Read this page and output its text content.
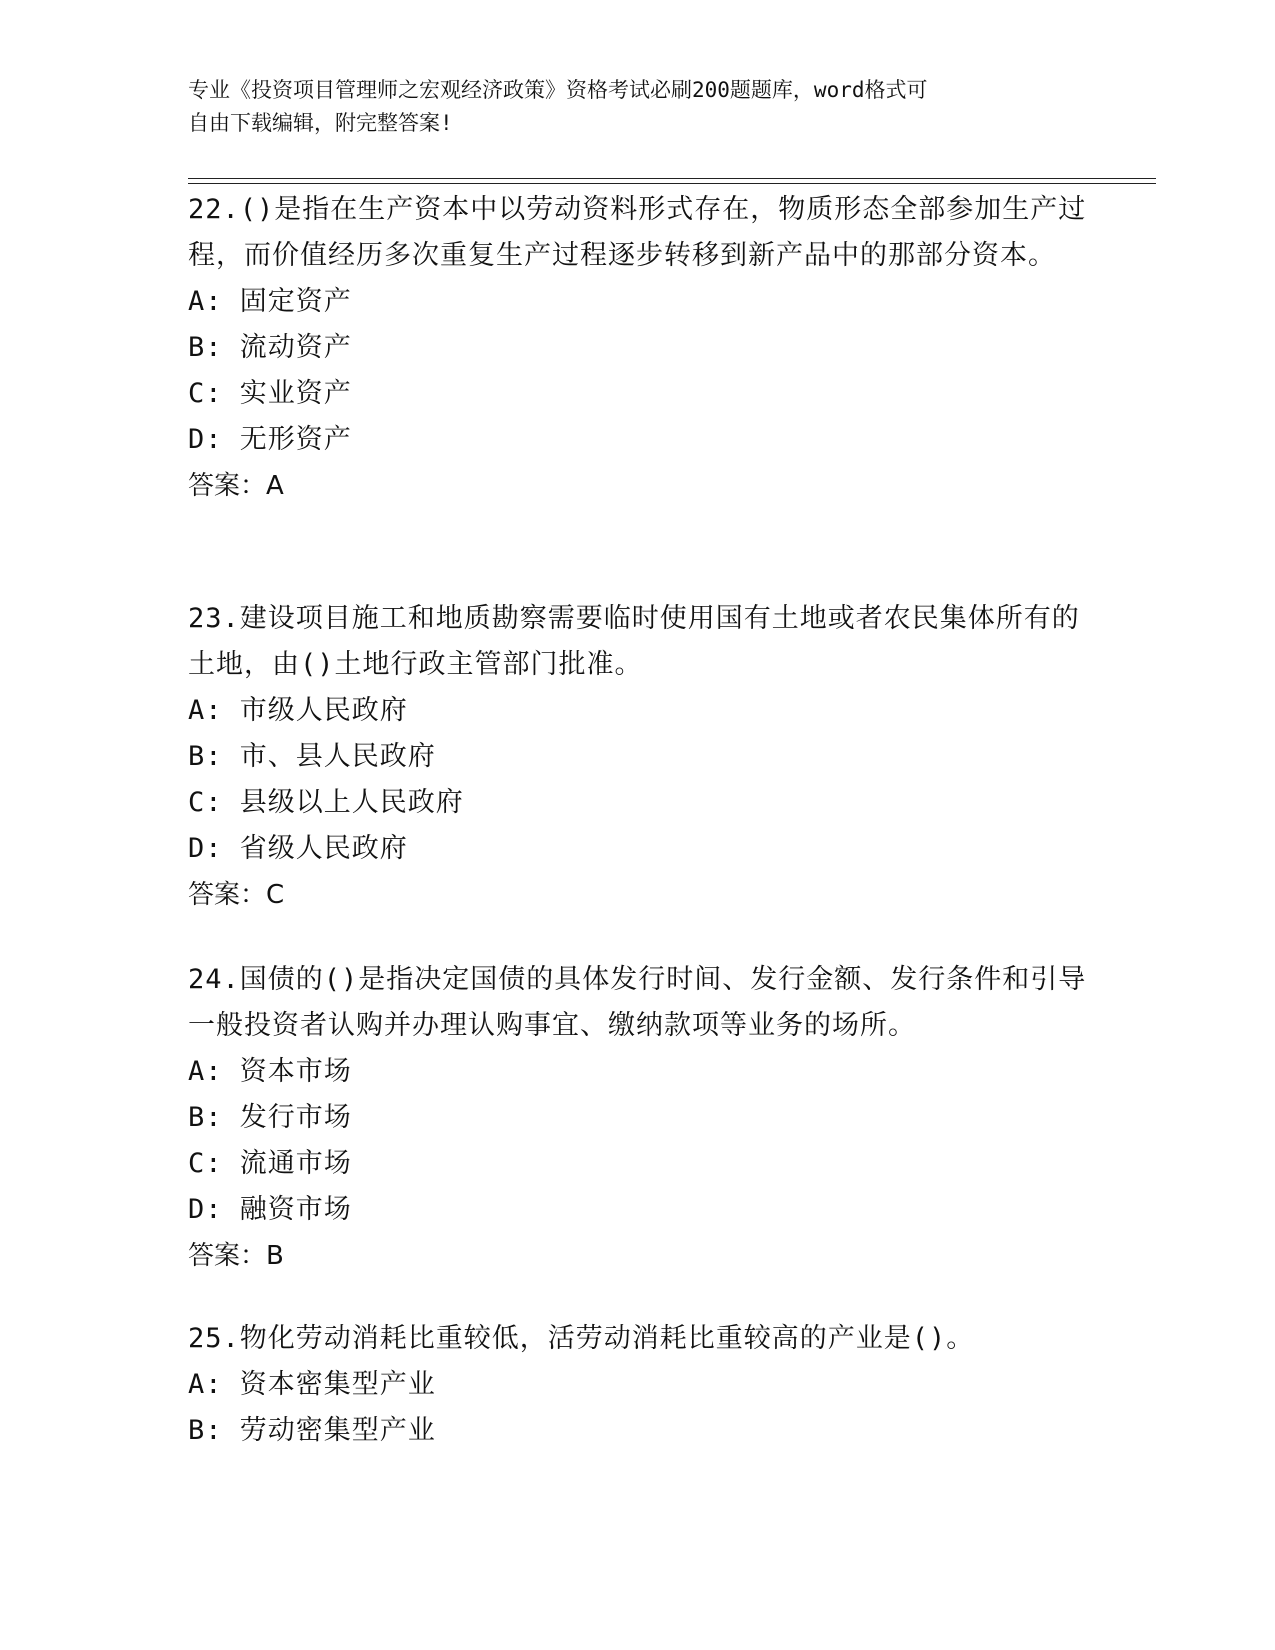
专业《投资项目管理师之宏观经济政策》资格考试必刷200题题库，word格式可
自由下载编辑，附完整答案!
22.()是指在生产资本中以劳动资料形式存在，物质形态全部参加生产过程，而价值经历多次重复生产过程逐步转移到新产品中的那部分资本。
A: 固定资产
B: 流动资产
C: 实业资产
D: 无形资产
答案：A
23.建设项目施工和地质勘察需要临时使用国有土地或者农民集体所有的土地，由()土地行政主管部门批准。
A: 市级人民政府
B: 市、县人民政府
C: 县级以上人民政府
D: 省级人民政府
答案：C
24.国债的()是指决定国债的具体发行时间、发行金额、发行条件和引导一般投资者认购并办理认购事宜、缴纳款项等业务的场所。
A: 资本市场
B: 发行市场
C: 流通市场
D: 融资市场
答案：B
25.物化劳动消耗比重较低，活劳动消耗比重较高的产业是()。
A: 资本密集型产业
B: 劳动密集型产业
